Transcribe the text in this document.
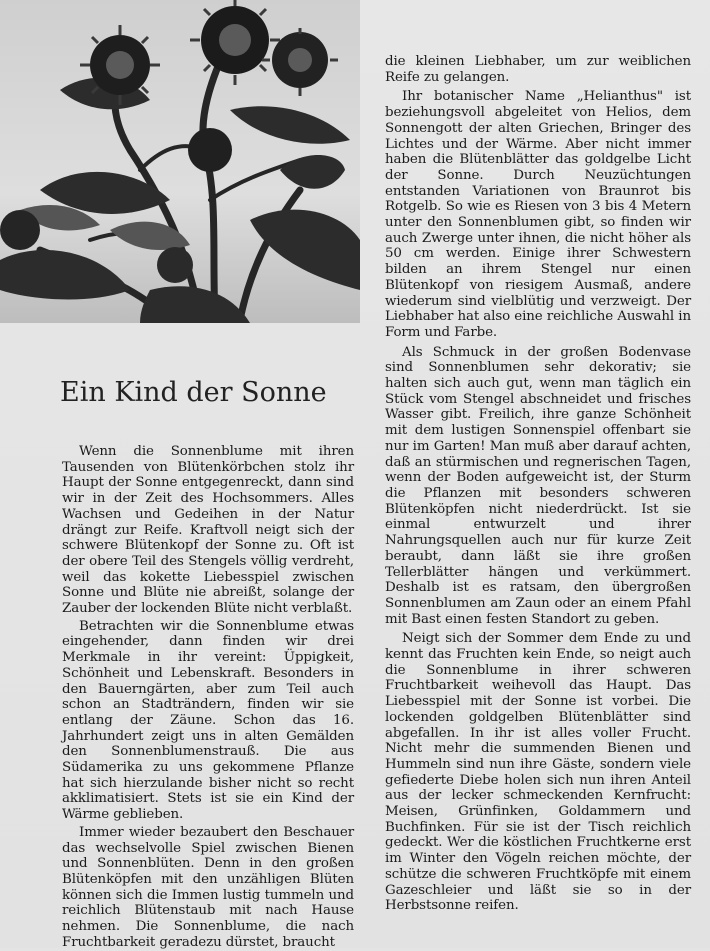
Ein Kind der Sonne

Wenn die Sonnenblume mit ihren Tausenden von Blütenkörbchen stolz ihr Haupt der Sonne entgegenreckt, dann sind wir in der Zeit des Hochsommers. Alles Wachsen und Gedeihen in der Natur drängt zur Reife. Kraftvoll neigt sich der schwere Blütenkopf der Sonne zu. Oft ist der obere Teil des Stengels völlig verdreht, weil das kokette Liebesspiel zwischen Sonne und Blüte nie abreißt, solange der Zauber der lockenden Blüte nicht verblaßt.

Betrachten wir die Sonnenblume etwas eingehender, dann finden wir drei Merkmale in ihr vereint: Üppigkeit, Schönheit und Lebenskraft. Besonders in den Bauerngärten, aber zum Teil auch schon an Stadträndern, finden wir sie entlang der Zäune. Schon das 16. Jahrhundert zeigt uns in alten Gemälden den Sonnenblumenstrauß. Die aus Südamerika zu uns gekommene Pflanze hat sich hierzulande bisher nicht so recht akklimatisiert. Stets ist sie ein Kind der Wärme geblieben.

Immer wieder bezaubert den Beschauer das wechselvolle Spiel zwischen Bienen und Sonnenblüten. Denn in den großen Blütenköpfen mit den unzähligen Blüten können sich die Immen lustig tummeln und reichlich Blütenstaub mit nach Hause nehmen. Die Sonnenblume, die nach Fruchtbarkeit geradezu dürstet, braucht

die kleinen Liebhaber, um zur weiblichen Reife zu gelangen.

Ihr botanischer Name „Helianthus" ist beziehungsvoll abgeleitet von Helios, dem Sonnengott der alten Griechen, Bringer des Lichtes und der Wärme. Aber nicht immer haben die Blütenblätter das goldgelbe Licht der Sonne. Durch Neuzüchtungen entstanden Variationen von Braunrot bis Rotgelb. So wie es Riesen von 3 bis 4 Metern unter den Sonnenblumen gibt, so finden wir auch Zwerge unter ihnen, die nicht höher als 50 cm werden. Einige ihrer Schwestern bilden an ihrem Stengel nur einen Blütenkopf von riesigem Ausmaß, andere wiederum sind vielblütig und verzweigt. Der Liebhaber hat also eine reichliche Auswahl in Form und Farbe.

Als Schmuck in der großen Bodenvase sind Sonnenblumen sehr dekorativ; sie halten sich auch gut, wenn man täglich ein Stück vom Stengel abschneidet und frisches Wasser gibt. Freilich, ihre ganze Schönheit mit dem lustigen Sonnenspiel offenbart sie nur im Garten! Man muß aber darauf achten, daß an stürmischen und regnerischen Tagen, wenn der Boden aufgeweicht ist, der Sturm die Pflanzen mit besonders schweren Blütenköpfen nicht niederdrückt. Ist sie einmal entwurzelt und ihrer Nahrungsquellen auch nur für kurze Zeit beraubt, dann läßt sie ihre großen Tellerblätter hängen und verkümmert. Deshalb ist es ratsam, den übergroßen Sonnenblumen am Zaun oder an einem Pfahl mit Bast einen festen Standort zu geben.

Neigt sich der Sommer dem Ende zu und kennt das Fruchten kein Ende, so neigt auch die Sonnenblume in ihrer schweren Fruchtbarkeit weihevoll das Haupt. Das Liebesspiel mit der Sonne ist vorbei. Die lockenden goldgelben Blütenblätter sind abgefallen. In ihr ist alles voller Frucht. Nicht mehr die summenden Bienen und Hummeln sind nun ihre Gäste, sondern viele gefiederte Diebe holen sich nun ihren Anteil aus der lecker schmeckenden Kernfrucht: Meisen, Grünfinken, Goldammern und Buchfinken. Für sie ist der Tisch reichlich gedeckt. Wer die köstlichen Fruchtkerne erst im Winter den Vögeln reichen möchte, der schütze die schweren Fruchtköpfe mit einem Gazeschleier und läßt sie so in der Herbstsonne reifen.
